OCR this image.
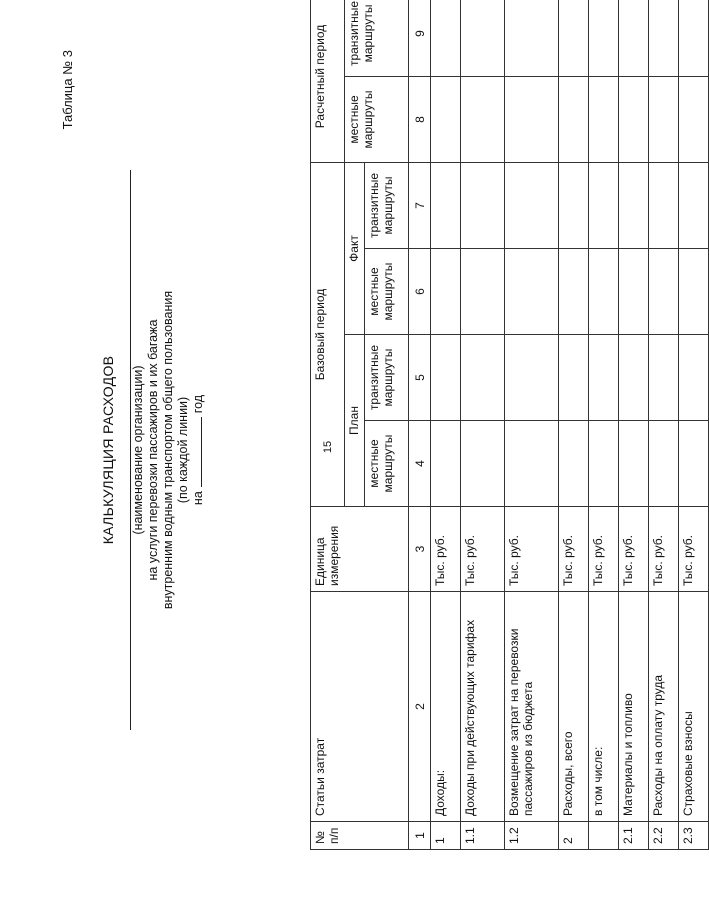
15
Таблица № 3
КАЛЬКУЛЯЦИЯ РАСХОДОВ (наименование организации) на услуги перевозки пассажиров и их багажа внутренним водным транспортом общего пользования (по каждой линии) нагод
№ п/п	Статьи затрат	Единица измерения	Базовый период				Расчетный период	
			План		Факт		местные маршруты	транзитные маршруты
			местные маршруты	транзитные маршруты	местные маршруты	транзитные маршруты		
1	2	3	4	5	6	7	8	9
1	Доходы:	Тыс. руб.						
1.1	Доходы при действующих тарифах	Тыс. руб.						
1.2	Возмещение затрат на перевозки пассажиров из бюджета	Тыс. руб.						
2	Расходы, всего	Тыс. руб.						
	в том числе:	Тыс. руб.						
2.1	Материалы и топливо	Тыс. руб.						
2.2	Расходы на оплату труда	Тыс. руб.						
2.3	Страховые взносы	Тыс. руб.						
